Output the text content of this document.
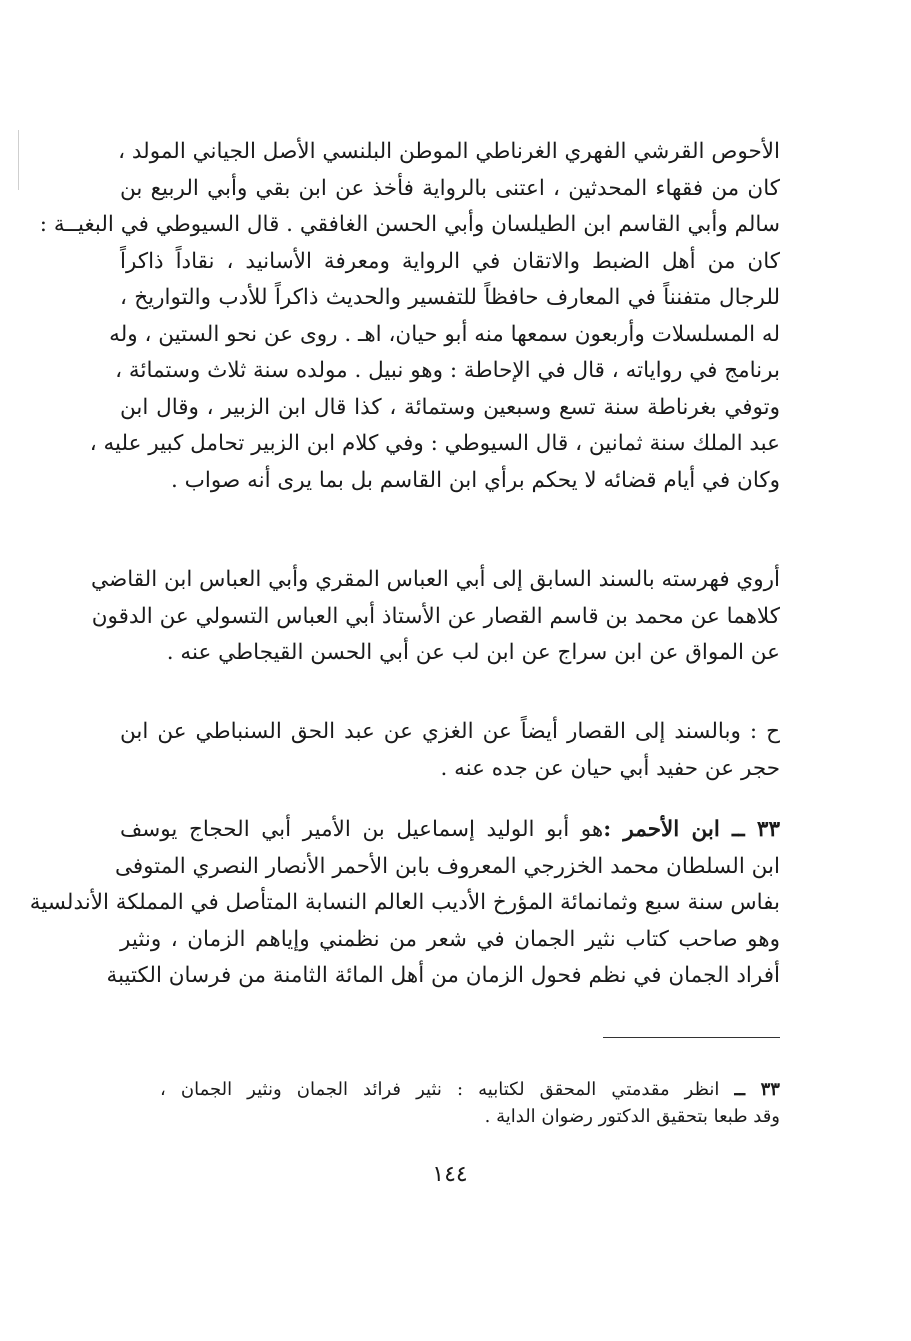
الأحوص القرشي الفهري الغرناطي الموطن البلنسي الأصل الجياني المولد ،
كان من فقهاء المحدثين ، اعتنى بالرواية فأخذ عن ابن بقي وأبي الربيع بن
سالم وأبي القاسم ابن الطيلسان وأبي الحسن الغافقي . قال السيوطي في البغيــة :
كان من أهل الضبط والاتقان في الرواية ومعرفة الأسانيد ، نقاداً ذاكراً
للرجال متفنناً في المعارف حافظاً للتفسير والحديث ذاكراً للأدب والتواريخ ،
له المسلسلات وأربعون سمعها منه أبو حيان، اهـ . روى عن نحو الستين ، وله
برنامج في رواياته ، قال في الإحاطة : وهو نبيل . مولده سنة ثلاث وستمائة ،
وتوفي بغرناطة سنة تسع وسبعين وستمائة ، كذا قال ابن الزبير ، وقال ابن
عبد الملك سنة ثمانين ، قال السيوطي : وفي كلام ابن الزبير تحامل كبير عليه ،
وكان في أيام قضائه لا يحكم برأي ابن القاسم بل بما يرى أنه صواب .
أروي فهرسته بالسند السابق إلى أبي العباس المقري وأبي العباس ابن القاضي
كلاهما عن محمد بن قاسم القصار عن الأستاذ أبي العباس التسولي عن الدقون
عن المواق عن ابن سراج عن ابن لب عن أبي الحسن القيجاطي عنه .
ح : وبالسند إلى القصار أيضاً عن الغزي عن عبد الحق السنباطي عن ابن
حجر عن حفيد أبي حيان عن جده عنه .
٣٣ ــ ابن الأحمر :هو أبو الوليد إسماعيل بن الأمير أبي الحجاج يوسف
ابن السلطان محمد الخزرجي المعروف بابن الأحمر الأنصار النصري المتوفى
بفاس سنة سبع وثمانمائة المؤرخ الأديب العالم النسابة المتأصل في المملكة الأندلسية
وهو صاحب كتاب نثير الجمان في شعر من نظمني وإياهم الزمان ، ونثير
أفراد الجمان في نظم فحول الزمان من أهل المائة الثامنة من فرسان الكتيبة
٣٣ ــ انظر مقدمتي المحقق لكتابيه : نثير فرائد الجمان ونثير الجمان ،
وقد طبعا بتحقيق الدكتور رضوان الداية .
١٤٤
